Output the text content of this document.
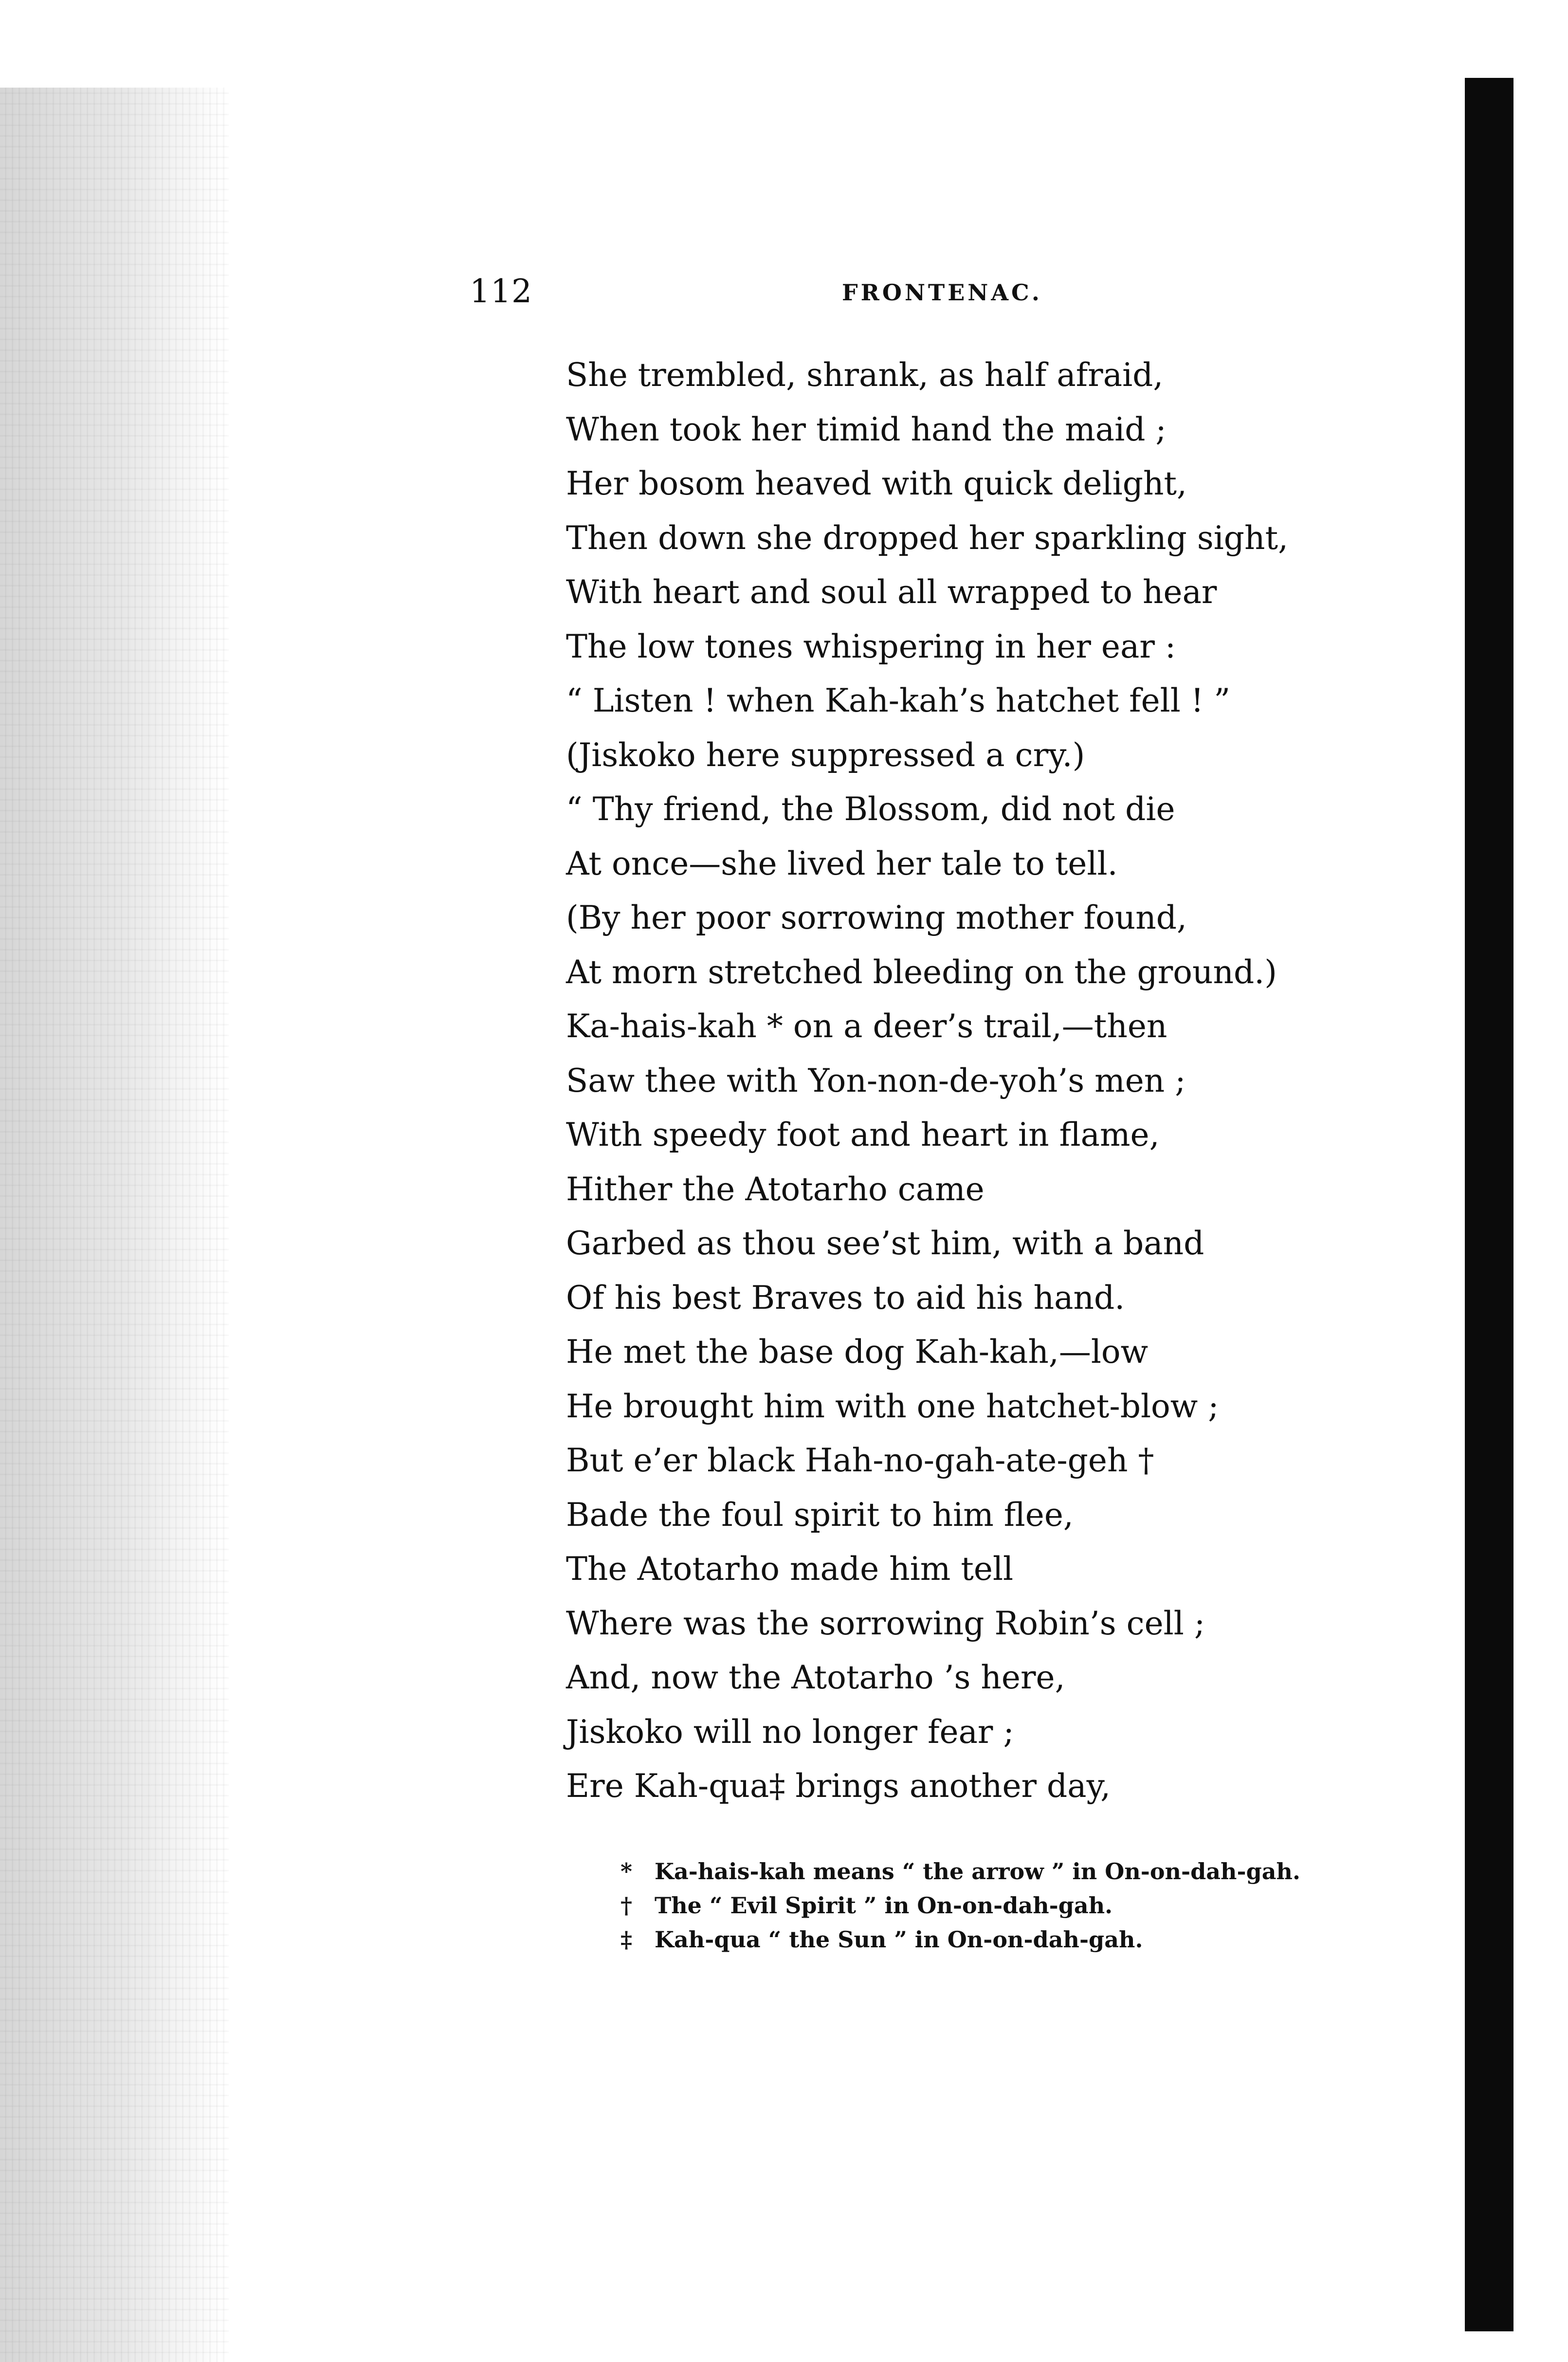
112	FRONTENAC.
She trembled, shrank, as half afraid,
When took her timid hand the maid ;
Her bosom heaved with quick delight,
Then down she dropped her sparkling sight,
With heart and soul all wrapped to hear
The low tones whispering in her ear :
“ Listen ! when Kah-kah’s hatchet fell ! ”
(Jiskoko here suppressed a cry.)
“ Thy friend, the Blossom, did not die
At once—she lived her tale to tell.
(By her poor sorrowing mother found,
At morn stretched bleeding on the ground.)
Ka-hais-kah * on a deer’s trail,—then
Saw thee with Yon-non-de-yoh’s men ;
With speedy foot and heart in flame,
Hither the Atotarho came
Garbed as thou see’st him, with a band
Of his best Braves to aid his hand.
He met the base dog Kah-kah,—low
He brought him with one hatchet-blow ;
But e’er black Hah-no-gah-ate-geh †
Bade the foul spirit to him flee,
The Atotarho made him tell
Where was the sorrowing Robin’s cell ;
And, now the Atotarho ’s here,
Jiskoko will no longer fear ;
Ere Kah-qua‡ brings another day,
* Ka-hais-kah means “ the arrow ” in On-on-dah-gah.
† The “ Evil Spirit ” in On-on-dah-gah.
‡ Kah-qua “ the Sun ” in On-on-dah-gah.
